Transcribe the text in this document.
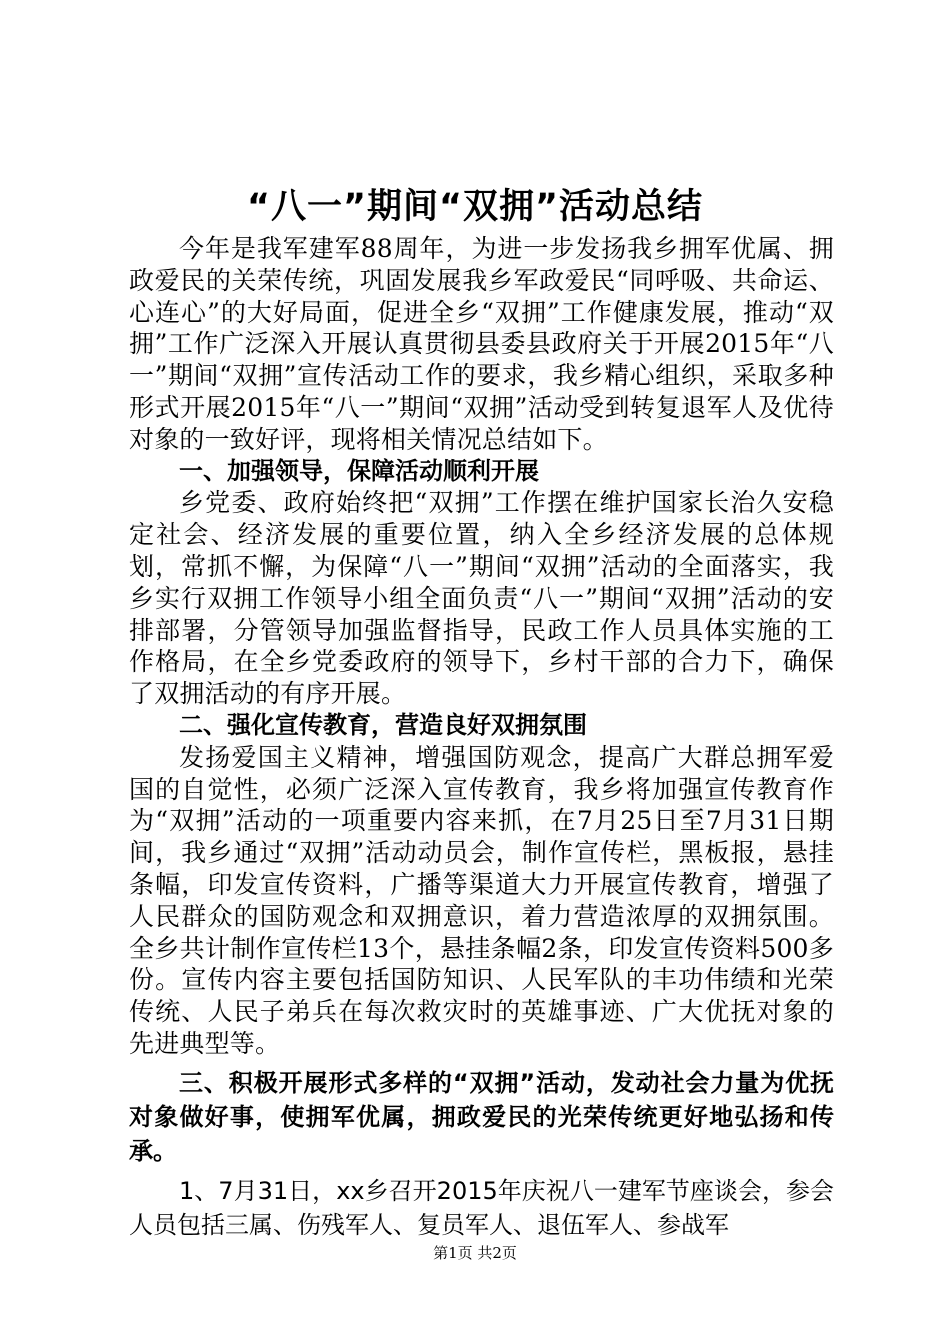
“八一”期间“双拥”活动总结

今年是我军建军88周年，为进一步发扬我乡拥军优属、拥政爱民的关荣传统，巩固发展我乡军政爱民“同呼吸、共命运、心连心”的大好局面，促进全乡“双拥”工作健康发展，推动“双拥”工作广泛深入开展认真贯彻县委县政府关于开展2015年“八一”期间“双拥”宣传活动工作的要求，我乡精心组织，采取多种形式开展2015年“八一”期间“双拥”活动受到转复退军人及优待对象的一致好评，现将相关情况总结如下。

一、加强领导，保障活动顺利开展

乡党委、政府始终把“双拥”工作摆在维护国家长治久安稳定社会、经济发展的重要位置，纳入全乡经济发展的总体规划，常抓不懈，为保障“八一”期间“双拥”活动的全面落实，我乡实行双拥工作领导小组全面负责“八一”期间“双拥”活动的安排部署，分管领导加强监督指导，民政工作人员具体实施的工作格局，在全乡党委政府的领导下，乡村干部的合力下，确保了双拥活动的有序开展。

二、强化宣传教育，营造良好双拥氛围

发扬爱国主义精神，增强国防观念，提高广大群总拥军爱国的自觉性，必须广泛深入宣传教育，我乡将加强宣传教育作为“双拥”活动的一项重要内容来抓，在7月25日至7月31日期间，我乡通过“双拥”活动动员会，制作宣传栏，黑板报，悬挂条幅，印发宣传资料，广播等渠道大力开展宣传教育，增强了人民群众的国防观念和双拥意识，着力营造浓厚的双拥氛围。全乡共计制作宣传栏13个，悬挂条幅2条，印发宣传资料500多份。宣传内容主要包括国防知识、人民军队的丰功伟绩和光荣传统、人民子弟兵在每次救灾时的英雄事迹、广大优抚对象的先进典型等。

三、积极开展形式多样的“双拥”活动，发动社会力量为优抚对象做好事，使拥军优属，拥政爱民的光荣传统更好地弘扬和传承。

1、7月31日，xx乡召开2015年庆祝八一建军节座谈会，参会人员包括三属、伤残军人、复员军人、退伍军人、参战军

第1页 共2页
